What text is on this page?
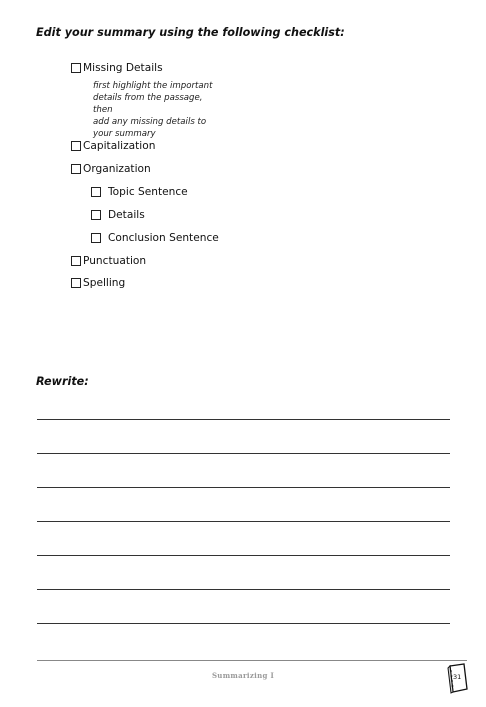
Edit your summary using the following checklist:
Missing Details
first highlight the important
details from the passage, then
add any missing details to
your summary
Capitalization
Organization
Topic Sentence
Details
Conclusion Sentence
Punctuation
Spelling
Rewrite:
Summarizing I	31
